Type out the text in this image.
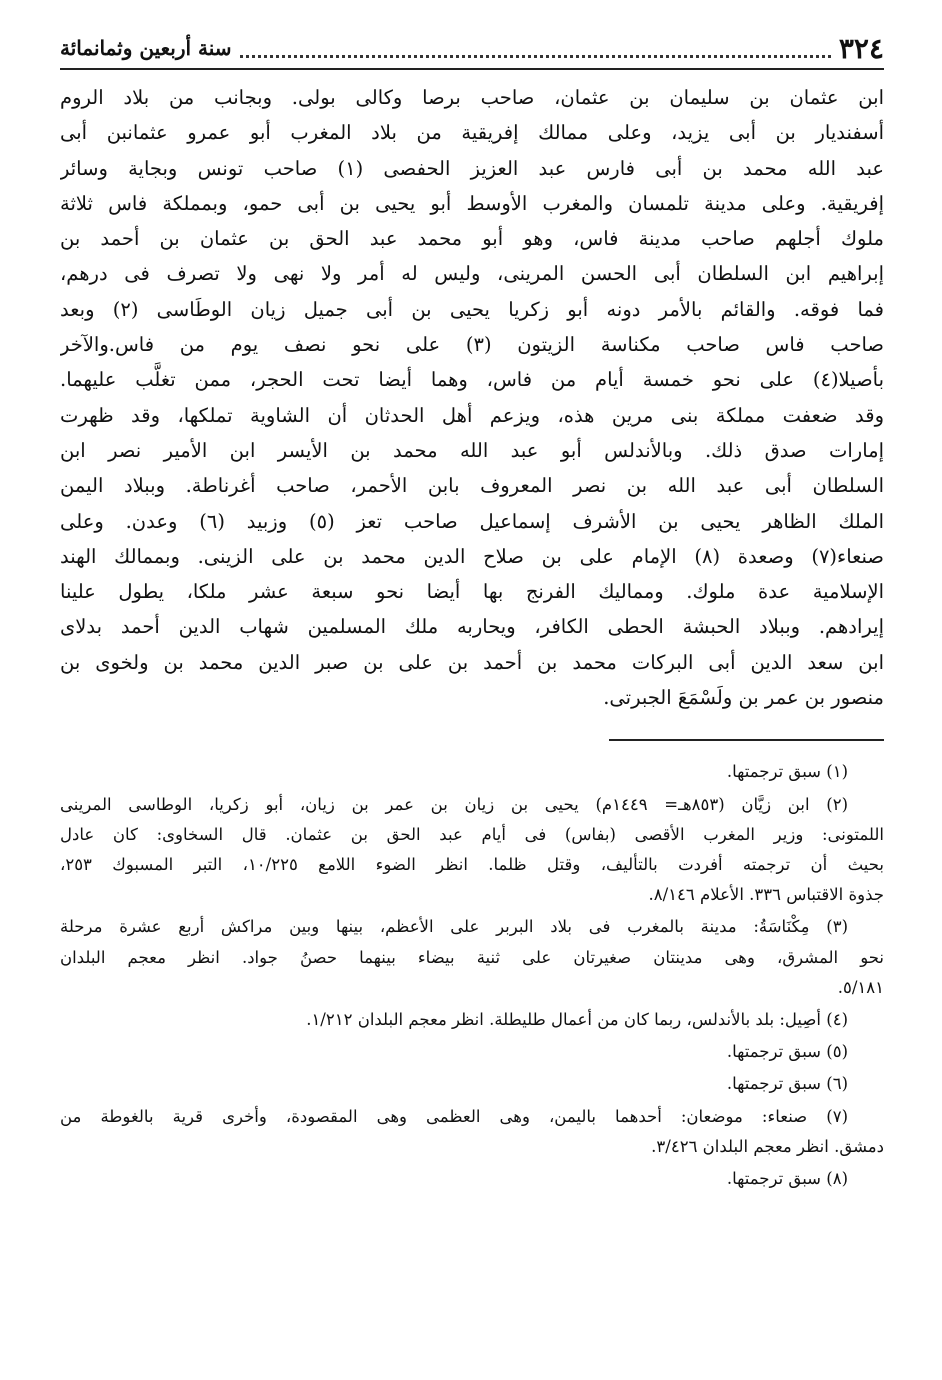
٣٢٤
سنة أربعين وثمانمائة
ابن عثمان بن سليمان بن عثمان، صاحب برصا وكالى بولى. وبجانب من بلاد الروم
أسفنديار بن أبى يزيد، وعلى ممالك إفريقية من بلاد المغرب أبو عمرو عثمانبن أبى
عبد الله محمد بن أبى فارس عبد العزيز الحفصى (١) صاحب تونس وبجاية وسائر
إفريقية. وعلى مدينة تلمسان والمغرب الأوسط أبو يحيى بن أبى حمو، وبمملكة فاس ثلاثة
ملوك أجلهم صاحب مدينة فاس، وهو أبو محمد عبد الحق بن عثمان بن أحمد بن
إبراهيم ابن السلطان أبى الحسن المرينى، وليس له أمر ولا نهى ولا تصرف فى درهم،
فما فوقه. والقائم بالأمر دونه أبو زكريا يحيى بن أبى جميل زيان الوطَاسى (٢) وبعد
صاحب فاس صاحب مكناسة الزيتون (٣) على نحو نصف يوم من فاس.والآخر
بأصيلا(٤) على نحو خمسة أيام من فاس، وهما أيضا تحت الحجر، ممن تغلَّب عليهما.
وقد ضعفت مملكة بنى مرين هذه، ويزعم أهل الحدثان أن الشاوية تملكها، وقد ظهرت
إمارات صدق ذلك. وبالأندلس أبو عبد الله محمد بن الأيسر ابن الأمير نصر ابن
السلطان أبى عبد الله بن نصر المعروف بابن الأحمر، صاحب أغرناطة. وببلاد اليمن
الملك الظاهر يحيى بن الأشرف إسماعيل صاحب تعز (٥) وزبيد (٦) وعدن. وعلى
صنعاء(٧) وصعدة (٨) الإمام على بن صلاح الدين محمد بن على الزينى. وبممالك الهند
الإسلامية عدة ملوك. ومماليك الفرنج بها أيضا نحو سبعة عشر ملكا، يطول علينا
إيرادهم. وببلاد الحبشة الحطى الكافر، ويحاربه ملك المسلمين شهاب الدين أحمد بدلاى
ابن سعد الدين أبى البركات محمد بن أحمد بن على بن صبر الدين محمد بن ولخوى بن
منصور بن عمر بن ولَسْمَعَ الجبرتى.
(١) سبق ترجمتها.
(٢) ابن زيَّان (٨٥٣هـ= ١٤٤٩م) يحيى بن زيان بن عمر بن زيان، أبو زكريا، الوطاسى المرينى
اللمتونى: وزير المغرب الأقصى (بفاس) فى أيام عبد الحق بن عثمان. قال السخاوى: كان عادل
بحيث أن ترجمته أفردت بالتأليف، وقتل ظلما. انظر الضوء اللامع ١٠/٢٢٥، التبر المسبوك ٢٥٣،
جذوة الاقتباس ٣٣٦. الأعلام ٨/١٤٦.
(٣) مِكْنَاسَةُ: مدينة بالمغرب فى بلاد البربر على الأعظم، بينها وبين مراكش أربع عشرة مرحلة
نحو المشرق، وهى مدينتان صغيرتان على ثنية بيضاء بينهما حصنُ جواد. انظر معجم البلدان
٥/١٨١.
(٤) أصِيل: بلد بالأندلس، ربما كان من أعمال طليطلة. انظر معجم البلدان ١/٢١٢.
(٥) سبق ترجمتها.
(٦) سبق ترجمتها.
(٧) صنعاء: موضعان: أحدهما باليمن، وهى العظمى وهى المقصودة، وأخرى قرية بالغوطة من
دمشق. انظر معجم البلدان ٣/٤٢٦.
(٨) سبق ترجمتها.
